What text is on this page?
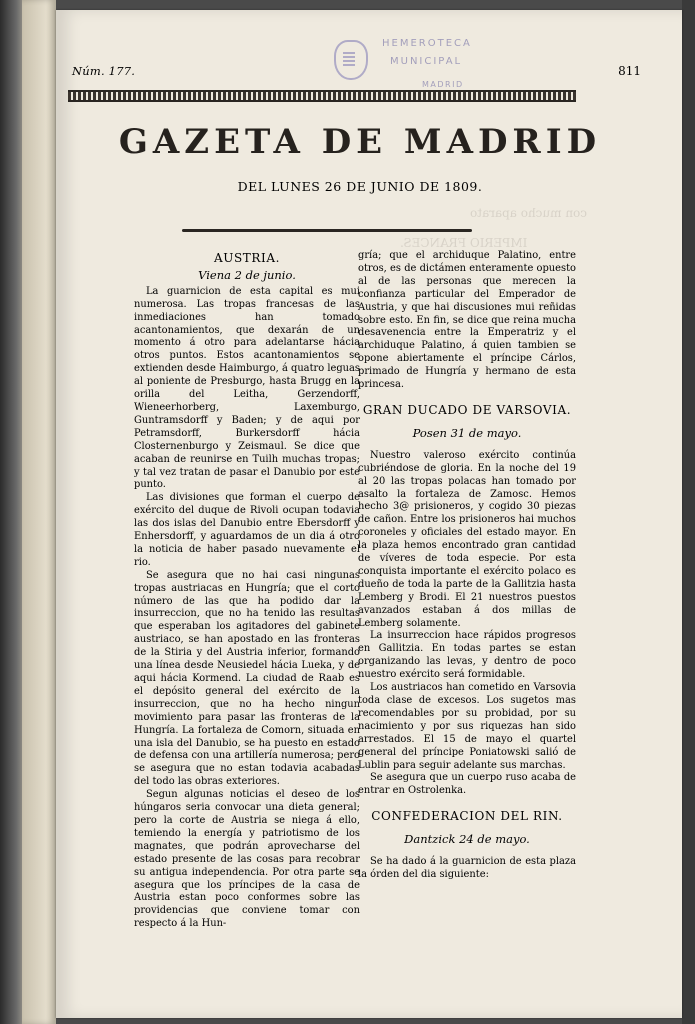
IMPERIO FRANCES.
con mucho aparato
Núm. 177.	811
HEMEROTECA
MUNICIPAL
MADRID
GAZETA DE MADRID
DEL LUNES 26 DE JUNIO DE 1809.
AUSTRIA.
Viena 2 de junio.

La guarnicion de esta capital es mui numerosa. Las tropas francesas de las inmediaciones han tomado acantonamientos, que dexarán de un momento á otro para adelantarse hácia otros puntos. Estos acantonamientos se extienden desde Haimburgo, á quatro leguas al poniente de Presburgo, hasta Brugg en la orilla del Leitha, Gerzendorff, Wieneerhorberg, Laxemburgo, Guntramsdorff y Baden; y de aqui por Petramsdorff, Burkersdorff hácia Closternenburgo y Zeismaul. Se dice que acaban de reunirse en Tuilh muchas tropas; y tal vez tratan de pasar el Danubio por este punto.

Las divisiones que forman el cuerpo de exército del duque de Rivoli ocupan todavia las dos islas del Danubio entre Ebersdorff y Enhersdorff, y aguardamos de un dia á otro la noticia de haber pasado nuevamente el rio.

Se asegura que no hai casi ningunas tropas austriacas en Hungría; que el corto número de las que ha podido dar la insurreccion, que no ha tenido las resultas que esperaban los agitadores del gabinete austriaco, se han apostado en las fronteras de la Stiria y del Austria inferior, formando una línea desde Neusiedel hácia Lueka, y de aqui hácia Kormend. La ciudad de Raab es el depósito general del exército de la insurreccion, que no ha hecho ningun movimiento para pasar las fronteras de la Hungría. La fortaleza de Comorn, situada en una isla del Danubio, se ha puesto en estado de defensa con una artillería numerosa; pero se asegura que no estan todavia acabadas del todo las obras exteriores.

Segun algunas noticias el deseo de los húngaros seria convocar una dieta general; pero la corte de Austria se niega á ello, temiendo la energía y patriotismo de los magnates, que podrán aprovecharse del estado presente de las cosas para recobrar su antigua independencia. Por otra parte se asegura que los príncipes de la casa de Austria estan poco conformes sobre las providencias que conviene tomar con respecto á la Hun-

gría; que el archiduque Palatino, entre otros, es de dictámen enteramente opuesto al de las personas que merecen la confianza particular del Emperador de Austria, y que hai discusiones mui reñidas sobre esto. En fin, se dice que reina mucha desavenencia entre la Emperatriz y el archiduque Palatino, á quien tambien se opone abiertamente el príncipe Cárlos, primado de Hungría y hermano de esta princesa.

GRAN DUCADO DE VARSOVIA.
Posen 31 de mayo.

Nuestro valeroso exército continúa cubriéndose de gloria. En la noche del 19 al 20 las tropas polacas han tomado por asalto la fortaleza de Zamosc. Hemos hecho 3@ prisioneros, y cogido 30 piezas de cañon. Entre los prisioneros hai muchos coroneles y oficiales del estado mayor. En la plaza hemos encontrado gran cantidad de víveres de toda especie. Por esta conquista importante el exército polaco es dueño de toda la parte de la Gallitzia hasta Lemberg y Brodi. El 21 nuestros puestos avanzados estaban á dos millas de Lemberg solamente.

La insurreccion hace rápidos progresos en Gallitzia. En todas partes se estan organizando las levas, y dentro de poco nuestro exército será formidable.

Los austriacos han cometido en Varsovia toda clase de excesos. Los sugetos mas recomendables por su probidad, por su nacimiento y por sus riquezas han sido arrestados. El 15 de mayo el quartel general del príncipe Poniatowski salió de Lublin para seguir adelante sus marchas.

Se asegura que un cuerpo ruso acaba de entrar en Ostrolenka.

CONFEDERACION DEL RIN.
Dantzick 24 de mayo.

Se ha dado á la guarnicion de esta plaza la órden del dia siguiente:
